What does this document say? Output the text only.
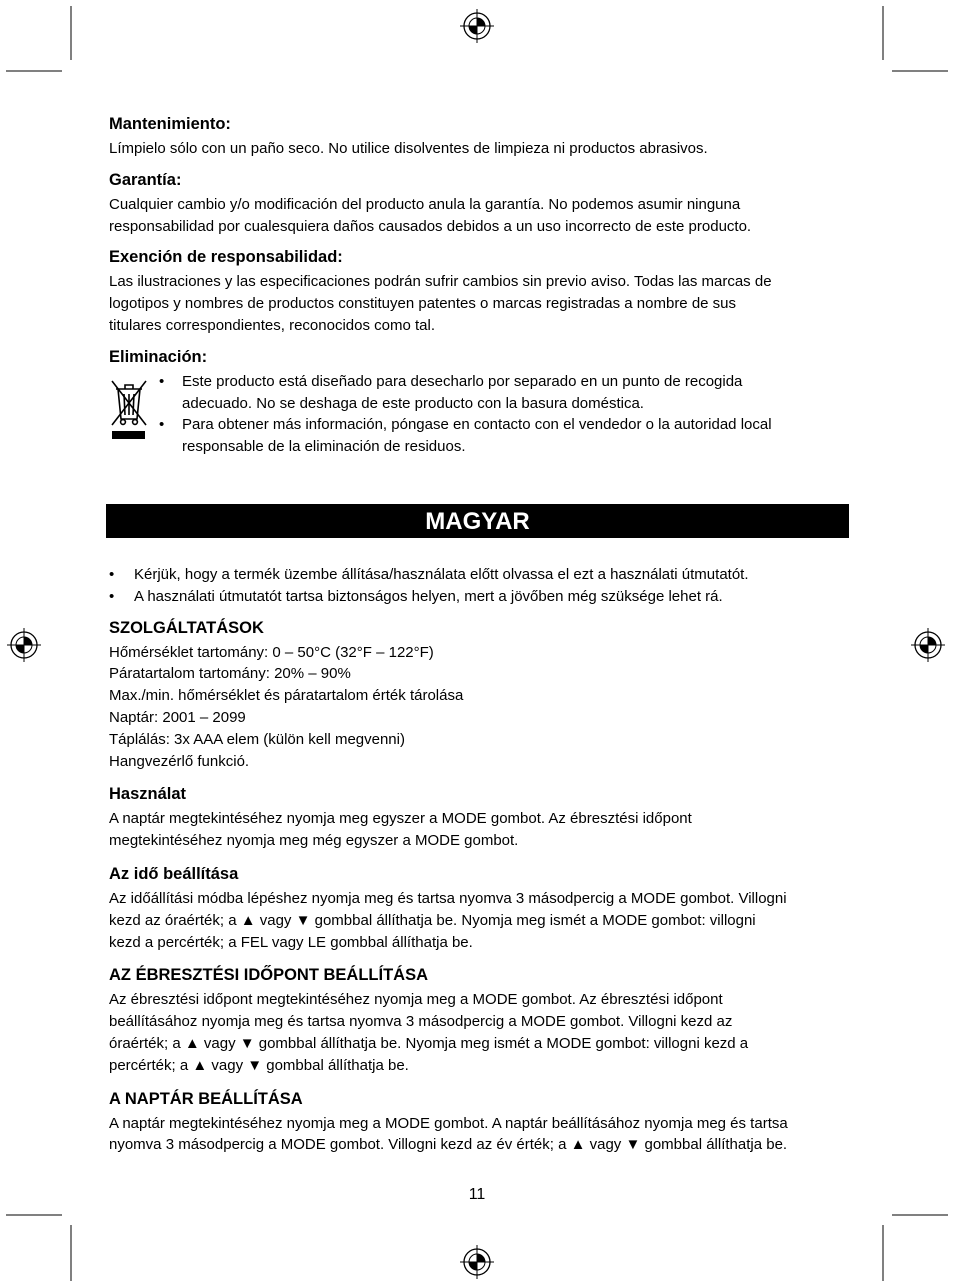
Mantenimiento:

Límpielo sólo con un paño seco. No utilice disolventes de limpieza ni productos abrasivos.

Garantía:

Cualquier cambio y/o modificación del producto anula la garantía. No podemos asumir ninguna

responsabilidad por cualesquiera daños causados debidos a un uso incorrecto de este producto.

Exención de responsabilidad:

Las ilustraciones y las especificaciones podrán sufrir cambios sin previo aviso. Todas las marcas de

logotipos y nombres de productos constituyen patentes o marcas registradas a nombre de sus

titulares correspondientes, reconocidos como tal.

Eliminación:
• Este producto está diseñado para desecharlo por separado en un punto de recogida
adecuado. No se deshaga de este producto con la basura doméstica.
• Para obtener más información, póngase en contacto con el vendedor o la autoridad local
responsable de la eliminación de residuos.
MAGYAR
• Kérjük, hogy a termék üzembe állítása/használata előtt olvassa el ezt a használati útmutatót.
• A használati útmutatót tartsa biztonságos helyen, mert a jövőben még szüksége lehet rá.
SZOLGÁLTATÁSOK

Hőmérséklet tartomány: 0 – 50°C (32°F – 122°F)

Páratartalom tartomány: 20% – 90%

Max./min. hőmérséklet és páratartalom érték tárolása

Naptár: 2001 – 2099

Táplálás: 3x AAA elem (külön kell megvenni)

Hangvezérlő funkció.

Használat

A naptár megtekintéséhez nyomja meg egyszer a MODE gombot. Az ébresztési időpont

megtekintéséhez nyomja meg még egyszer a MODE gombot.

Az idő beállítása

Az időállítási módba lépéshez nyomja meg és tartsa nyomva 3 másodpercig a MODE gombot. Villogni

kezd az óraérték; a ▲ vagy ▼ gombbal állíthatja be. Nyomja meg ismét a MODE gombot: villogni

kezd a percérték; a FEL vagy LE gombbal állíthatja be.

AZ ÉBRESZTÉSI IDŐPONT BEÁLLÍTÁSA

Az ébresztési időpont megtekintéséhez nyomja meg a MODE gombot. Az ébresztési időpont

beállításához nyomja meg és tartsa nyomva 3 másodpercig a MODE gombot. Villogni kezd az

óraérték; a ▲ vagy ▼ gombbal állíthatja be. Nyomja meg ismét a MODE gombot: villogni kezd a

percérték; a ▲ vagy ▼ gombbal állíthatja be.

A NAPTÁR BEÁLLÍTÁSA

A naptár megtekintéséhez nyomja meg a MODE gombot. A naptár beállításához nyomja meg és tartsa

nyomva 3 másodpercig a MODE gombot. Villogni kezd az év érték; a ▲ vagy ▼ gombbal állíthatja be.

11
